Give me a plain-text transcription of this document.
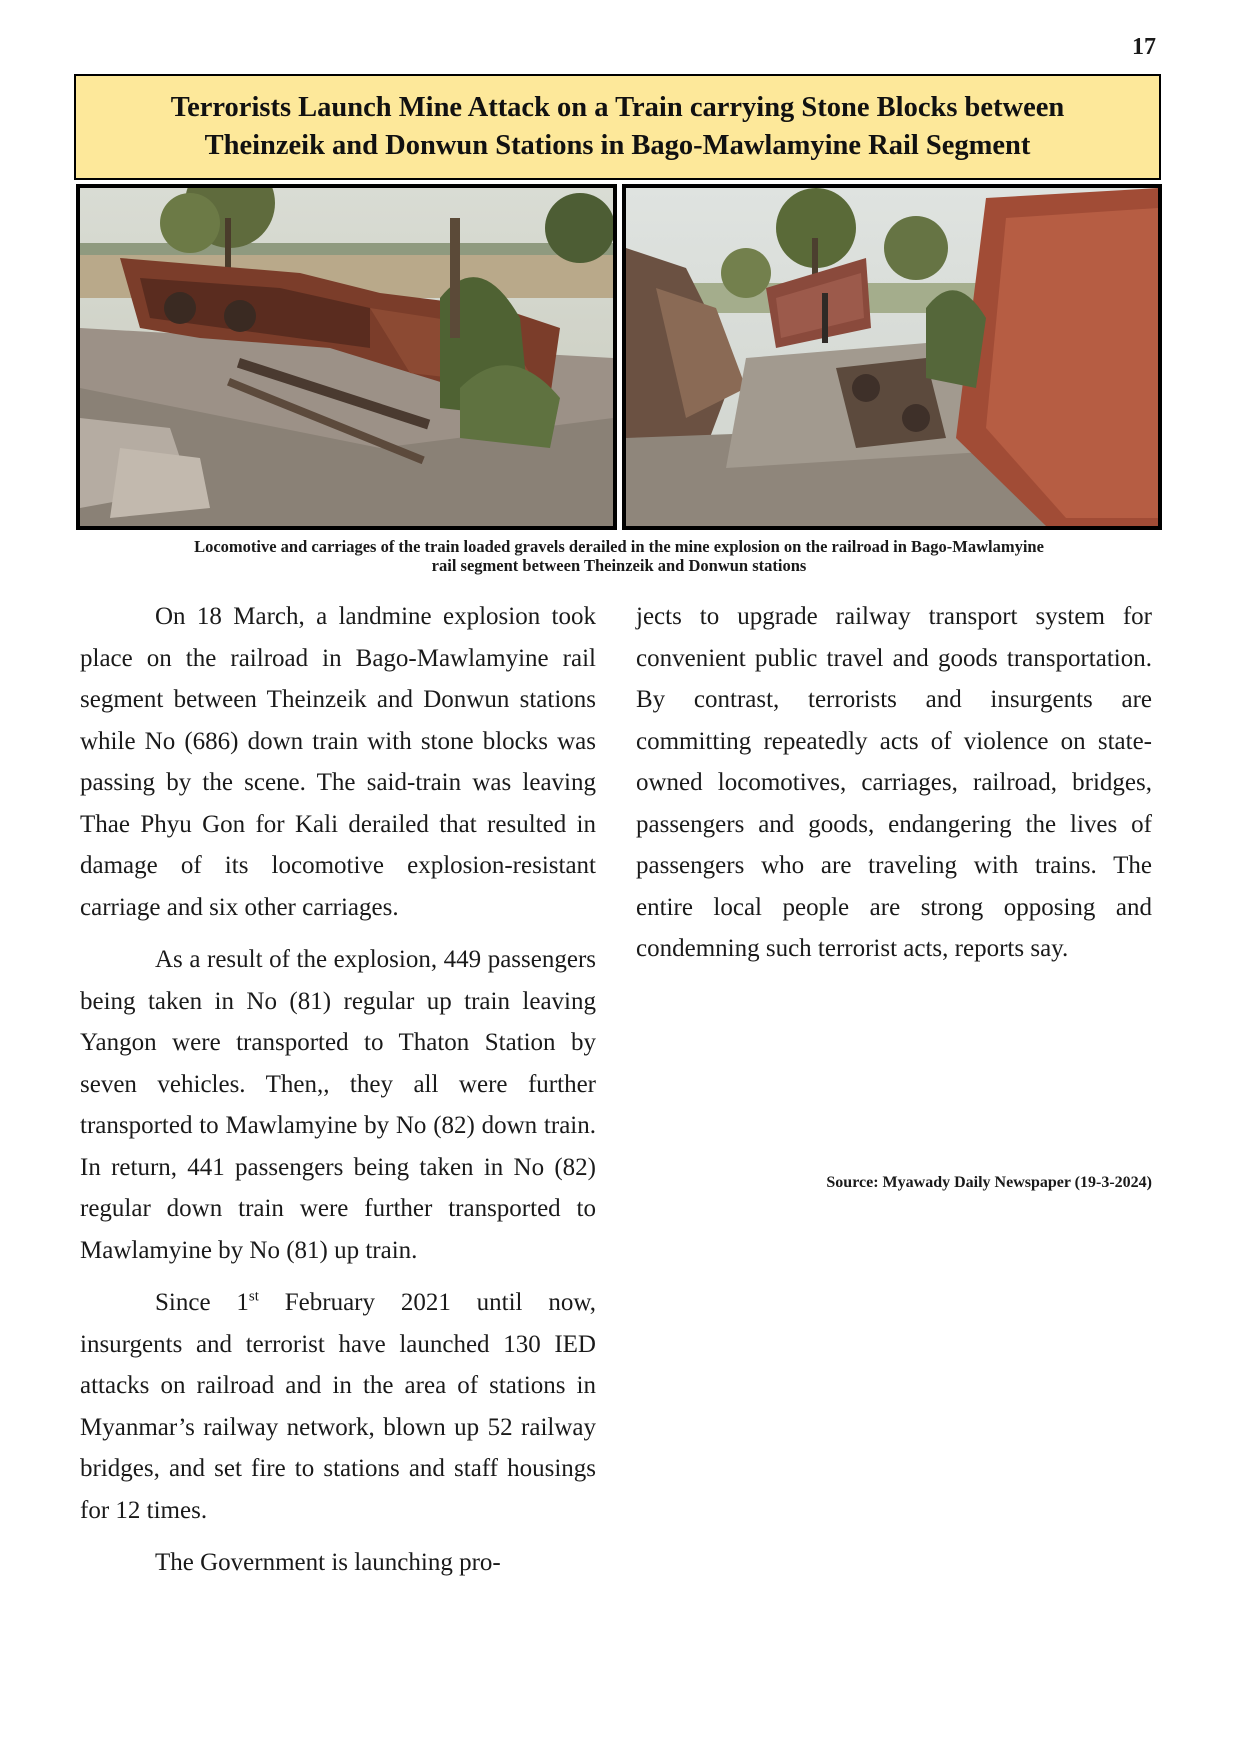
17
Terrorists Launch Mine Attack on a Train carrying Stone Blocks between
Theinzeik and Donwun Stations in Bago-Mawlamyine Rail Segment
Locomotive and carriages of the train loaded gravels derailed in the mine explosion on the railroad in Bago-Mawlamyine
rail segment between Theinzeik and Donwun stations

On 18 March, a landmine explosion took place on the railroad in Bago-Mawlamyine rail segment between Theinzeik and Donwun stations while No (686) down train with stone blocks was passing by the scene. The said-train was leaving Thae Phyu Gon for Kali derailed that resulted in damage of its locomotive explosion-resistant carriage and six other carriages.

As a result of the explosion, 449 passengers being taken in No (81) regular up train leaving Yangon were transported to Thaton Station by seven vehicles. Then,, they all were further transported to Mawlamyine by No (82) down train. In return, 441 passengers being taken in No (82) regular down train were further transported to Mawlamyine by No (81) up train.

Since 1st February 2021 until now, insurgents and terrorist have launched 130 IED attacks on railroad and in the area of stations in Myanmar’s railway network, blown up 52 railway bridges, and set fire to stations and staff housings for 12 times.

The Government is launching pro-

jects to upgrade railway transport system for convenient public travel and goods transportation. By contrast, terrorists and insurgents are committing repeatedly acts of violence on state-owned locomotives, carriages, railroad, bridges, passengers and goods, endangering the lives of passengers who are traveling with trains. The entire local people are strong opposing and condemning such terrorist acts, reports say.

Source: Myawady Daily Newspaper (19-3-2024)
